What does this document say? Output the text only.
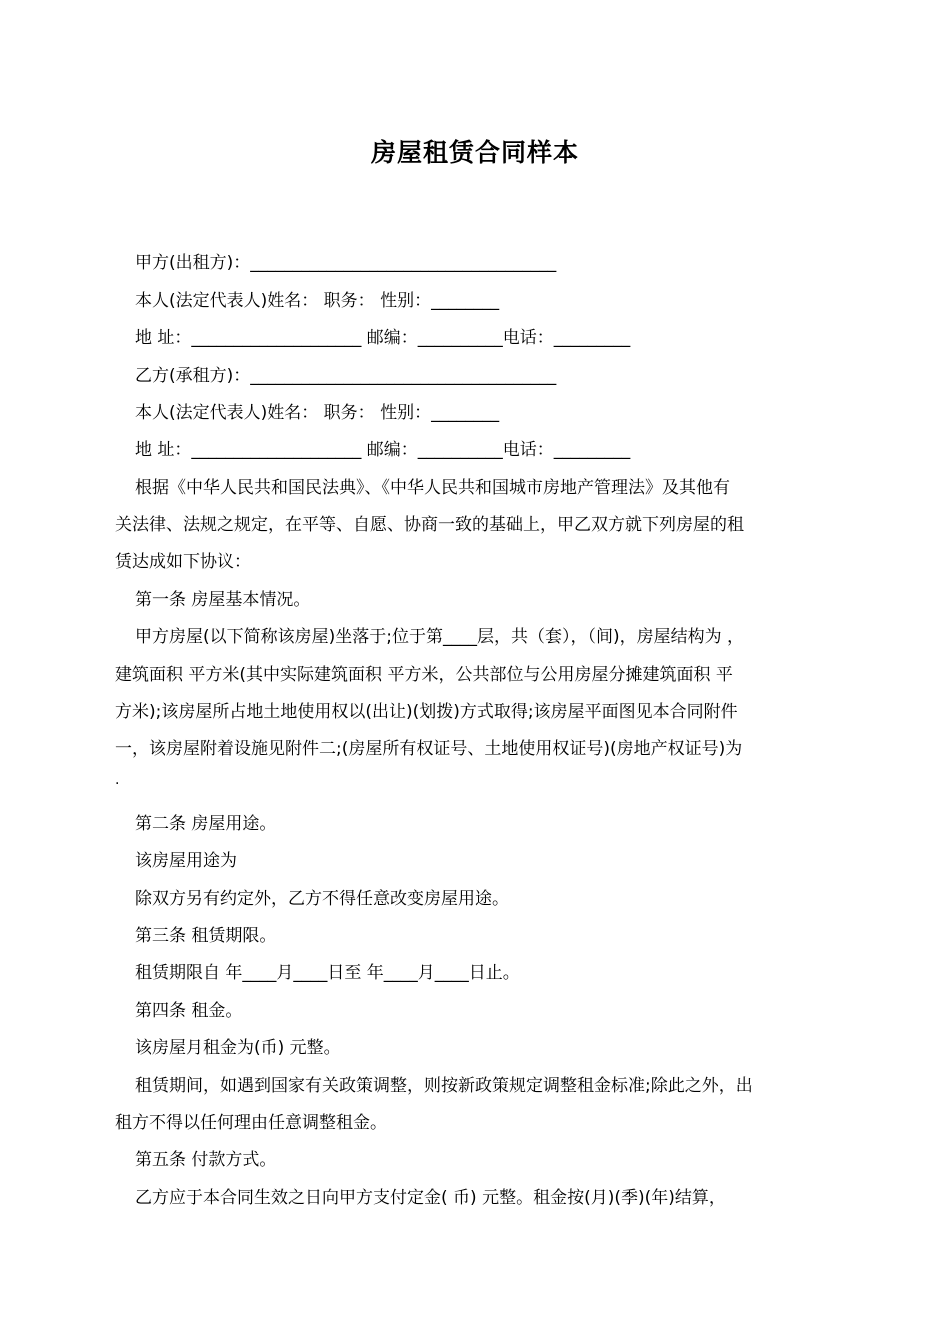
房屋租赁合同样本
甲方(出租方)：____________________________________
本人(法定代表人)姓名： 职务： 性别：________
地 址：____________________ 邮编：__________电话：_________
乙方(承租方)：____________________________________
本人(法定代表人)姓名： 职务： 性别：________
地 址：____________________ 邮编：__________电话：_________
根据《中华人民共和国民法典》、《中华人民共和国城市房地产管理法》及其他有
关法律、法规之规定，在平等、自愿、协商一致的基础上，甲乙双方就下列房屋的租
赁达成如下协议：
第一条 房屋基本情况。
甲方房屋(以下简称该房屋)坐落于;位于第____层，共（套），（间)，房屋结构为 ，
建筑面积 平方米(其中实际建筑面积 平方米，公共部位与公用房屋分摊建筑面积 平
方米);该房屋所占地土地使用权以(出让)(划拨)方式取得;该房屋平面图见本合同附件
一，该房屋附着设施见附件二;(房屋所有权证号、土地使用权证号)(房地产权证号)为
.
第二条 房屋用途。
该房屋用途为
除双方另有约定外，乙方不得任意改变房屋用途。
第三条 租赁期限。
租赁期限自 年____月____日至 年____月____日止。
第四条 租金。
该房屋月租金为(币) 元整。
租赁期间，如遇到国家有关政策调整，则按新政策规定调整租金标准;除此之外，出
租方不得以任何理由任意调整租金。
第五条 付款方式。
乙方应于本合同生效之日向甲方支付定金( 币) 元整。租金按(月)(季)(年)结算，
